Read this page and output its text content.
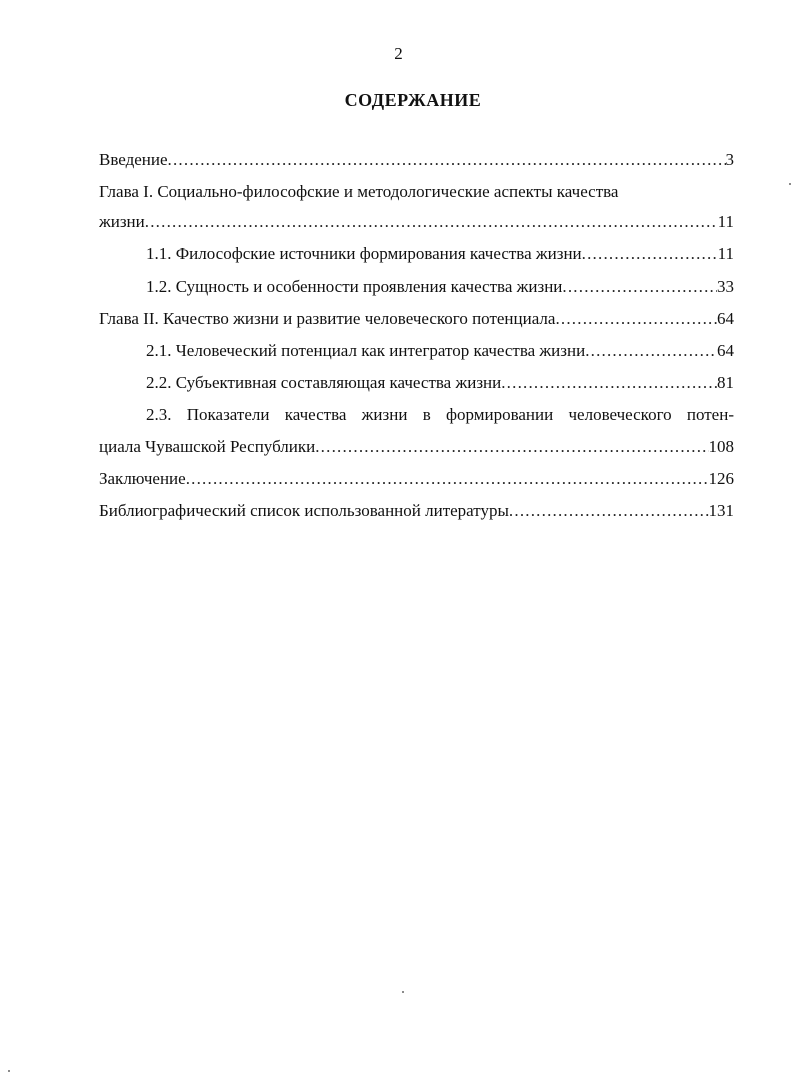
2
СОДЕРЖАНИЕ
Введение .....	3
Глава I. Социально-философские и методологические аспекты качества
жизни .....	11
1.1. Философские источники формирования качества жизни .....	11
1.2. Сущность и особенности проявления качества жизни .....	33
Глава II. Качество жизни и развитие человеческого потенциала .....	64
2.1. Человеческий потенциал как интегратор качества жизни .....	64
2.2. Субъективная составляющая качества жизни .....	81
2.3. Показатели качества жизни в формировании человеческого потен-
циала Чувашской Республики .....	108
Заключение .....	126
Библиографический список использованной литературы .....	131
